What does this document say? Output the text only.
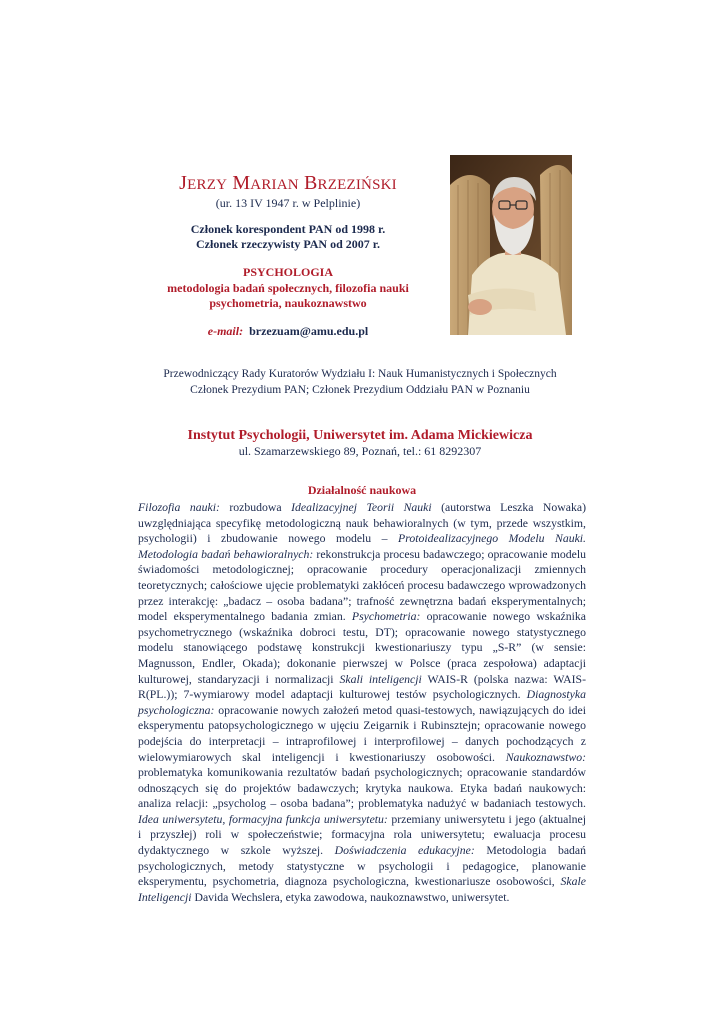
JERZY MARIAN BRZEZIŃSKI
(ur. 13 IV 1947 r. w Pelplinie)
Członek korespondent PAN od 1998 r.
Członek rzeczywisty PAN od 2007 r.
PSYCHOLOGIA
metodologia badań społecznych, filozofia nauki
psychometria, naukoznawstwo
e-mail: brzezuam@amu.edu.pl
Przewodniczący Rady Kuratorów Wydziału I: Nauk Humanistycznych i Społecznych
Członek Prezydium PAN; Członek Prezydium Oddziału PAN w Poznaniu
Instytut Psychologii, Uniwersytet im. Adama Mickiewicza
ul. Szamarzewskiego 89, Poznań, tel.: 61 8292307
Działalność naukowa

Filozofia nauki: rozbudowa Idealizacyjnej Teorii Nauki (autorstwa Leszka Nowaka) uwzględniająca specyfikę metodologiczną nauk behawioralnych (w tym, przede wszystkim, psychologii) i zbudowanie nowego modelu – Protoidealizacyjnego Modelu Nauki. Metodologia badań behawioralnych: rekonstrukcja procesu badawczego; opracowanie modelu świadomości metodologicznej; opracowanie procedury operacjonalizacji zmiennych teoretycznych; całościowe ujęcie problematyki zakłóceń procesu badawczego wprowadzonych przez interakcję: „badacz – osoba badana”; trafność zewnętrzna badań eksperymentalnych; model eksperymentalnego badania zmian. Psychometria: opracowanie nowego wskaźnika psychometrycznego (wskaźnika dobroci testu, DT); opracowanie nowego statystycznego modelu stanowiącego podstawę konstrukcji kwestionariuszy typu „S-R” (w sensie: Magnusson, Endler, Okada); dokonanie pierwszej w Polsce (praca zespołowa) adaptacji kulturowej, standaryzacji i normalizacji Skali inteligencji WAIS-R (polska nazwa: WAIS-R(PL.)); 7-wymiarowy model adaptacji kulturowej testów psychologicznych. Diagnostyka psychologiczna: opracowanie nowych założeń metod quasi-testowych, nawiązujących do idei eksperymentu patopsychologicznego w ujęciu Zeigarnik i Rubinsztejn; opracowanie nowego podejścia do interpretacji – intraprofilowej i interprofilowej – danych pochodzących z wielowymiarowych skal inteligencji i kwestionariuszy osobowości. Naukoznawstwo: problematyka komunikowania rezultatów badań psychologicznych; opracowanie standardów odnoszących się do projektów badawczych; krytyka naukowa. Etyka badań naukowych: analiza relacji: „psycholog – osoba badana”; problematyka nadużyć w badaniach testowych. Idea uniwersytetu, formacyjna funkcja uniwersytetu: przemiany uniwersytetu i jego (aktualnej i przyszłej) roli w społeczeństwie; formacyjna rola uniwersytetu; ewaluacja procesu dydaktycznego w szkole wyższej. Doświadczenia edukacyjne: Metodologia badań psychologicznych, metody statystyczne w psychologii i pedagogice, planowanie eksperymentu, psychometria, diagnoza psychologiczna, kwestionariusze osobowości, Skale Inteligencji Davida Wechslera, etyka zawodowa, naukoznawstwo, uniwersytet.
